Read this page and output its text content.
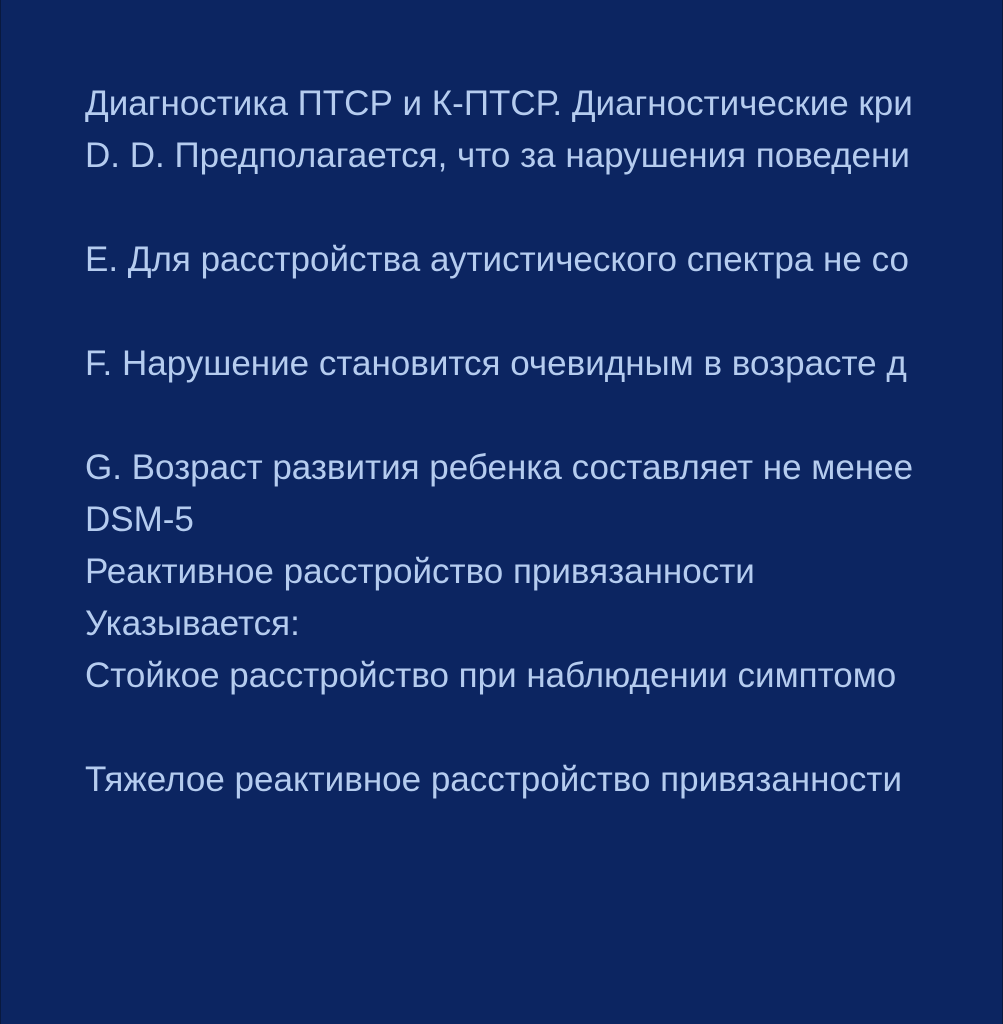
Диагностика ПТСР и К-ПТСР. Диагностические кри
D. D. Предполагается, что за нарушения поведени
E. Для расстройства аутистического спектра не со
F. Нарушение становится очевидным в возрасте д
G. Возраст развития ребенка составляет не менее
DSM-5
Реактивное расстройство привязанности
Указывается:
Стойкое расстройство при наблюдении симптомо
Тяжелое реактивное расстройство привязанности
